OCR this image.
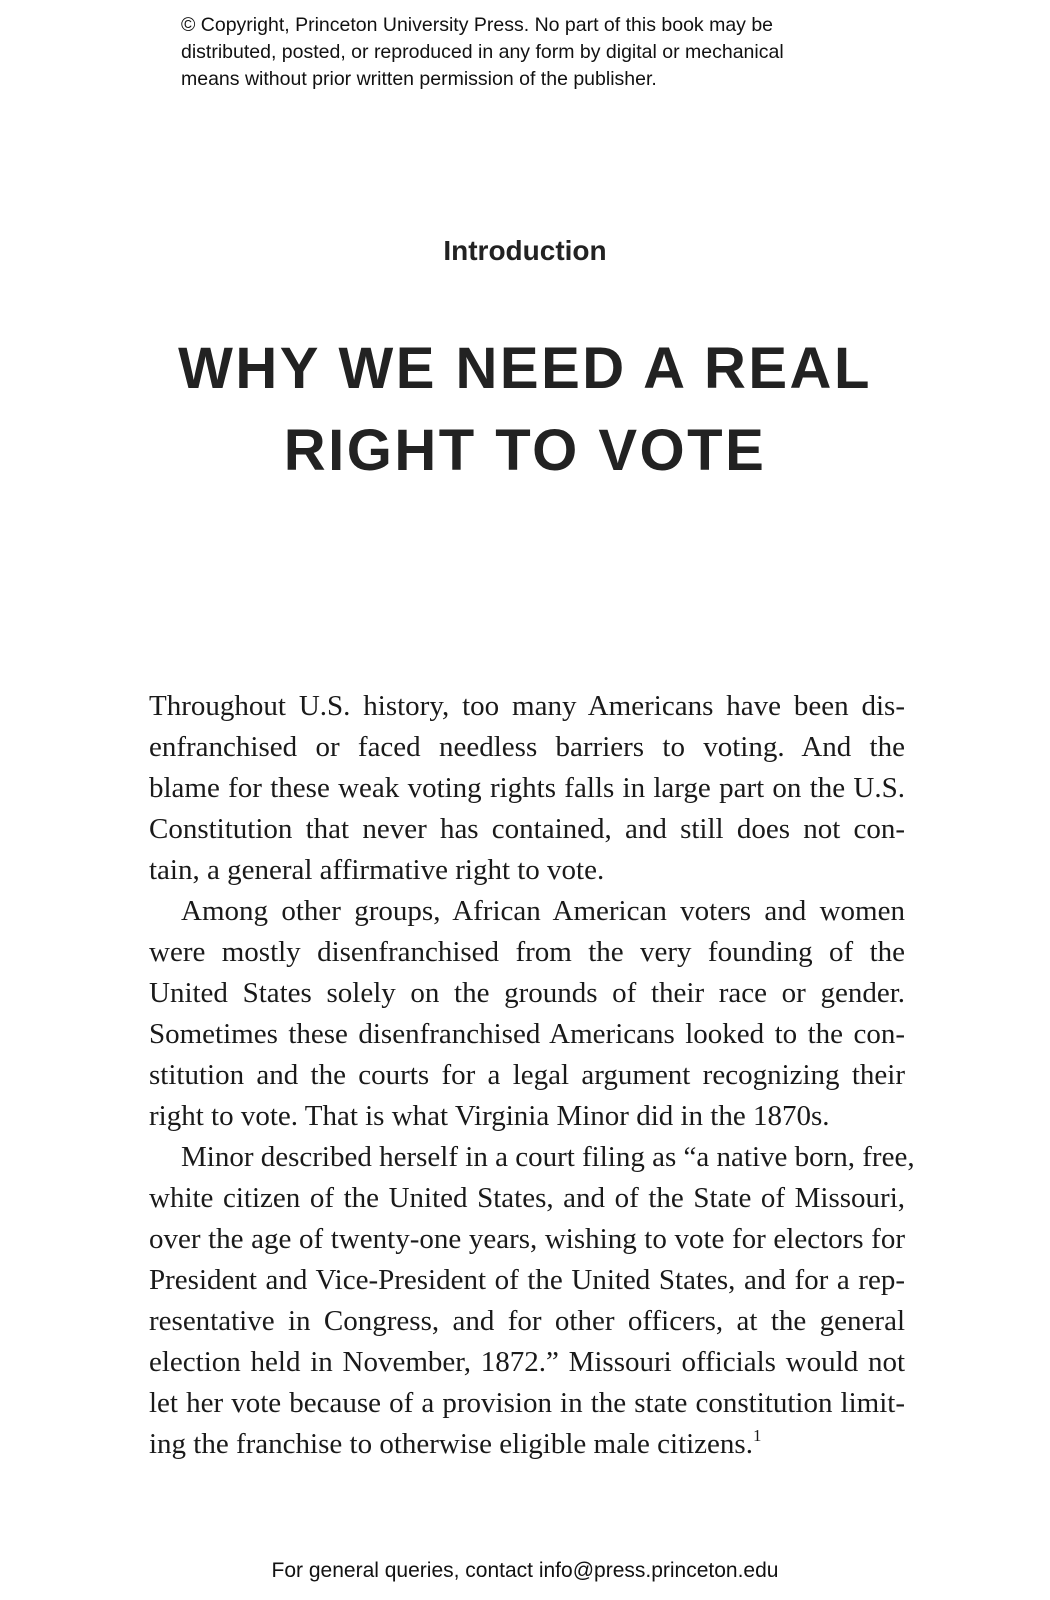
© Copyright, Princeton University Press. No part of this book may be
distributed, posted, or reproduced in any form by digital or mechanical
means without prior written permission of the publisher.
Introduction
WHY WE NEED A REAL
RIGHT TO VOTE

Throughout U.S. history, too many Americans have been dis-
enfranchised or faced needless barriers to voting. And the
blame for these weak voting rights falls in large part on the U.S.
Constitution that never has contained, and still does not con-
tain, a general affirmative right to vote.

Among other groups, African American voters and women
were mostly disenfranchised from the very founding of the
United States solely on the grounds of their race or gender.
Sometimes these disenfranchised Americans looked to the con-
stitution and the courts for a legal argument recognizing their
right to vote. That is what Virginia Minor did in the 1870s.

Minor described herself in a court filing as “a native born, free,
white citizen of the United States, and of the State of Missouri,
over the age of twenty-one years, wishing to vote for electors for
President and Vice-President of the United States, and for a rep-
resentative in Congress, and for other officers, at the general
election held in November, 1872.” Missouri officials would not
let her vote because of a provision in the state constitution limit-
ing the franchise to otherwise eligible male citizens.$^1$

For general queries, contact info@press.princeton.edu
